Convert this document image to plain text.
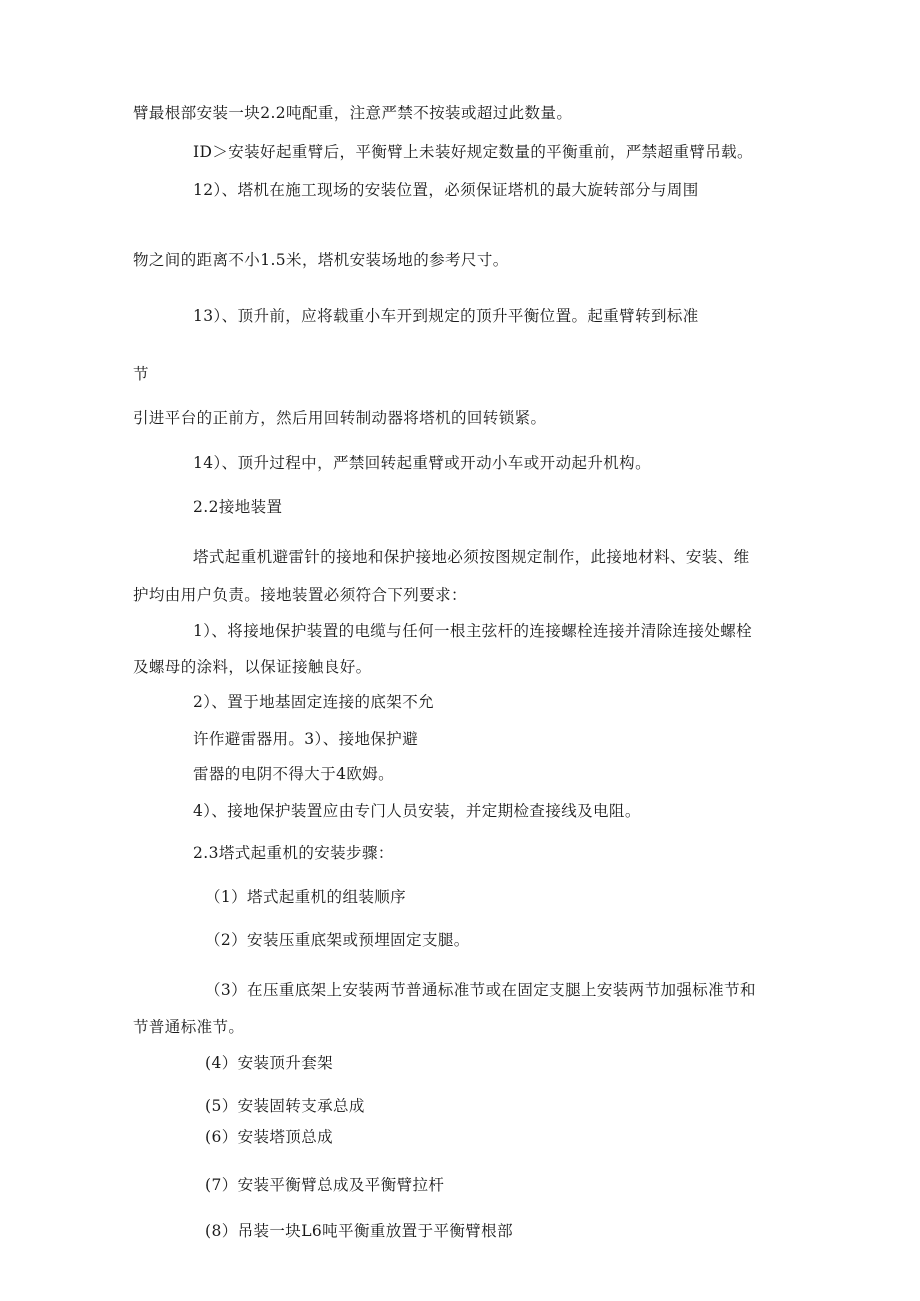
臂最根部安装一块2.2吨配重，注意严禁不按装或超过此数量。
ID＞安装好起重臂后，平衡臂上未装好规定数量的平衡重前，严禁超重臂吊载。
12）、塔机在施工现场的安装位置，必须保证塔机的最大旋转部分与周围
物之间的距离不小1.5米，塔机安装场地的参考尺寸。
13）、顶升前，应将载重小车开到规定的顶升平衡位置。起重臂转到标准
节
引进平台的正前方，然后用回转制动器将塔机的回转锁紧。
14）、顶升过程中，严禁回转起重臂或开动小车或开动起升机构。
2.2接地装置
塔式起重机避雷针的接地和保护接地必须按图规定制作，此接地材料、安装、维
护均由用户负责。接地装置必须符合下列要求：
1）、将接地保护装置的电缆与任何一根主弦杆的连接螺栓连接并清除连接处螺栓
及螺母的涂料，以保证接触良好。
2）、置于地基固定连接的底架不允
许作避雷器用。3）、接地保护避
雷器的电阴不得大于4欧姆。
4）、接地保护装置应由专门人员安装，并定期检查接线及电阻。
2.3塔式起重机的安装步骤：
（1）塔式起重机的组装顺序
（2）安装压重底架或预埋固定支腿。
（3）在压重底架上安装两节普通标准节或在固定支腿上安装两节加强标准节和
节普通标准节。
(4）安装顶升套架
(5）安装固转支承总成
(6）安装塔顶总成
(7）安装平衡臂总成及平衡臂拉杆
(8）吊装一块L6吨平衡重放置于平衡臂根部
